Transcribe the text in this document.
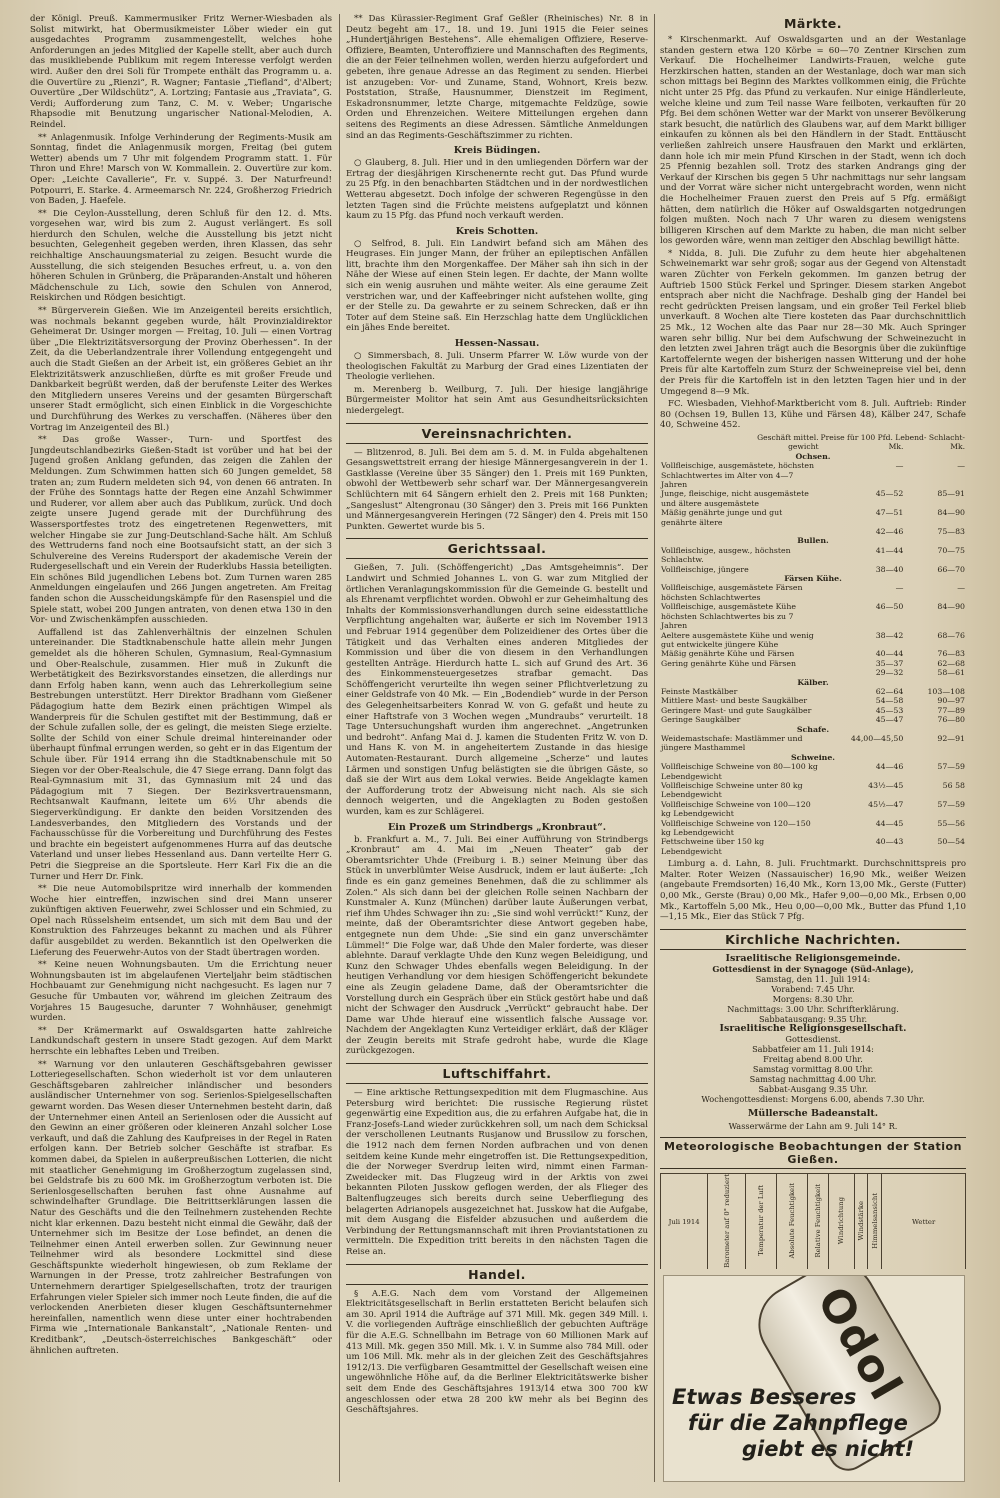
der Königl. Preuß. Kammermusiker Fritz Werner-Wiesbaden als Solist mitwirkt, hat Obermusikmeister Löber wieder ein gut ausgedachtes Programm zusammengestellt, welches hohe Anforderungen an jedes Mitglied der Kapelle stellt, aber auch durch das musikliebende Publikum mit regem Interesse verfolgt werden wird. Außer den drei Soli für Trompete enthält das Programm u. a. die Ouvertüre zu „Rienzi“, R. Wagner; Fantasie „Tiefland“, d'Albert; Ouvertüre „Der Wildschütz“, A. Lortzing; Fantasie aus „Traviata“, G. Verdi; Aufforderung zum Tanz, C. M. v. Weber; Ungarische Rhapsodie mit Benutzung ungarischer National-Melodien, A. Reindel.

** Anlagenmusik. Infolge Verhinderung der Regiments-Musik am Sonntag, findet die Anlagenmusik morgen, Freitag (bei gutem Wetter) abends um 7 Uhr mit folgendem Programm statt. 1. Für Thron und Ehre! Marsch von W. Kommallein. 2. Ouvertüre zur kom. Oper: „Leichte Cavallerie“, Fr. v. Suppé. 3. Der Naturfreund! Potpourri, E. Starke. 4. Armeemarsch Nr. 224, Großherzog Friedrich von Baden, J. Haefele.

** Die Ceylon-Ausstellung, deren Schluß für den 12. d. Mts. vorgesehen war, wird bis zum 2. August verlängert. Es soll hierdurch den Schulen, welche die Ausstellung bis jetzt nicht besuchten, Gelegenheit gegeben werden, ihren Klassen, das sehr reichhaltige Anschauungsmaterial zu zeigen. Besucht wurde die Ausstellung, die sich steigenden Besuches erfreut, u. a. von den höheren Schulen in Grünberg, die Präparanden-Anstalt und höheren Mädchenschule zu Lich, sowie den Schulen von Annerod, Reiskirchen und Rödgen besichtigt.

** Bürgerverein Gießen. Wie im Anzeigenteil bereits ersichtlich, was nochmals bekannt gegeben wurde, hält Provinzialdirektor Geheimerat Dr. Usinger morgen — Freitag, 10. Juli — einen Vortrag über „Die Elektrizitätsversorgung der Provinz Oberhessen“. In der Zeit, da die Ueberlandzentrale ihrer Vollendung entgegengeht und auch die Stadt Gießen an der Arbeit ist, ein größeres Gebiet an ihr Elektrizitätswerk anzuschließen, dürfte es mit großer Freude und Dankbarkeit begrüßt werden, daß der berufenste Leiter des Werkes den Mitgliedern unseres Vereins und der gesamten Bürgerschaft unserer Stadt ermöglicht, sich einen Einblick in die Vorgeschichte und Durchführung des Werkes zu verschaffen. (Näheres über den Vortrag im Anzeigenteil des Bl.)

** Das große Wasser-, Turn- und Sportfest des Jungdeutschlandbezirks Gießen-Stadt ist vorüber und hat bei der Jugend großen Anklang gefunden, das zeigen die Zahlen der Meldungen. Zum Schwimmen hatten sich 60 Jungen gemeldet, 58 traten an; zum Rudern meldeten sich 94, von denen 66 antraten. In der Frühe des Sonntags hatte der Regen eine Anzahl Schwimmer und Ruderer, vor allem aber auch das Publikum, zurück. Und doch zeigte unsere Jugend gerade mit der Durchführung des Wassersportfestes trotz des eingetretenen Regenwetters, mit welcher Hingabe sie zur Jung-Deutschland-Sache hält. Am Schluß des Wettruderns fand noch eine Bootsaufsicht statt, an der sich 3 Schulvereine des Vereins Rudersport der akademische Verein der Rudergesellschaft und ein Verein der Ruderklubs Hassia beteiligten. Ein schönes Bild jugendlichen Lebens bot. Zum Turnen waren 285 Anmeldungen eingelaufen und 266 Jungen angetreten. Am Freitag fanden schon die Ausscheidungskämpfe für den Rasenspiel und die Spiele statt, wobei 200 Jungen antraten, von denen etwa 130 in den Vor- und Zwischenkämpfen ausschieden.

Auffallend ist das Zahlenverhältnis der einzelnen Schulen untereinander. Die Stadtknabenschule hatte allein mehr Jungen gemeldet als die höheren Schulen, Gymnasium, Real-Gymnasium und Ober-Realschule, zusammen. Hier muß in Zukunft die Werbetätigkeit des Bezirksvorstandes einsetzen, die allerdings nur dann Erfolg haben kann, wenn auch das Lehrerkollegium seine Bestrebungen unterstützt. Herr Direktor Bradhann vom Gießener Pädagogium hatte dem Bezirk einen prächtigen Wimpel als Wanderpreis für die Schulen gestiftet mit der Bestimmung, daß er der Schule zufallen solle, der es gelingt, die meisten Siege erzielte. Sollte der Schild von einer Schule dreimal hintereinander oder überhaupt fünfmal errungen werden, so geht er in das Eigentum der Schule über. Für 1914 errang ihn die Stadtknabenschule mit 50 Siegen vor der Ober-Realschule, die 47 Siege errang. Dann folgt das Real-Gymnasium mit 31, das Gymnasium mit 24 und das Pädagogium mit 7 Siegen. Der Bezirksvertrauensmann, Rechtsanwalt Kaufmann, leitete um 6½ Uhr abends die Siegerverkündigung. Er dankte den beiden Vorsitzenden des Landesverbandes, den Mitgliedern des Vorstands und der Fachausschüsse für die Vorbereitung und Durchführung des Festes und brachte ein begeistert aufgenommenes Hurra auf das deutsche Vaterland und unser liebes Hessenland aus. Dann verteilte Herr G. Petri die Siegpreise an die Sportsleute. Herr Karl Fix die an die Turner und Herr Dr. Fink.

** Die neue Automobilspritze wird innerhalb der kommenden Woche hier eintreffen, inzwischen sind drei Mann unserer zukünftigen aktiven Feuerwehr, zwei Schlosser und ein Schmied, zu Opel nach Rüsselsheim entsendet, um sich mit dem Bau und der Konstruktion des Fahrzeuges bekannt zu machen und als Führer dafür ausgebildet zu werden. Bekanntlich ist den Opelwerken die Lieferung des Feuerwehr-Autos von der Stadt übertragen worden.

** Keine neuen Wohnungsbauten. Um die Errichtung neuer Wohnungsbauten ist im abgelaufenen Vierteljahr beim städtischen Hochbauamt zur Genehmigung nicht nachgesucht. Es lagen nur 7 Gesuche für Umbauten vor, während im gleichen Zeitraum des Vorjahres 15 Baugesuche, darunter 7 Wohnhäuser, genehmigt wurden.

** Der Krämermarkt auf Oswaldsgarten hatte zahlreiche Landkundschaft gestern in unsere Stadt gezogen. Auf dem Markt herrschte ein lebhaftes Leben und Treiben.

** Warnung vor den unlauteren Geschäftsgebahren gewisser Lotteriegesellschaften. Schon wiederholt ist vor dem unlauteren Geschäftsgebaren zahlreicher inländischer und besonders ausländischer Unternehmer von sog. Serienlos-Spielgesellschaften gewarnt worden. Das Wesen dieser Unternehmen besteht darin, daß der Unternehmer einen Anteil an Serienlosen oder die Aussicht auf den Gewinn an einer größeren oder kleineren Anzahl solcher Lose verkauft, und daß die Zahlung des Kaufpreises in der Regel in Raten erfolgen kann. Der Betrieb solcher Geschäfte ist strafbar. Es kommen dabei, da Spielen in außerpreußischen Lotterien, die nicht mit staatlicher Genehmigung im Großherzogtum zugelassen sind, bei Geldstrafe bis zu 600 Mk. im Großherzogtum verboten ist. Die Serienlosgesellschaften beruhen fast ohne Ausnahme auf schwindelhafter Grundlage. Die Beitrittserklärungen lassen die Natur des Geschäfts und die den Teilnehmern zustehenden Rechte nicht klar erkennen. Dazu besteht nicht einmal die Gewähr, daß der Unternehmer sich im Besitze der Lose befindet, an denen die Teilnehmer einen Anteil erwerben sollen. Zur Gewinnung neuer Teilnehmer wird als besondere Lockmittel sind diese Geschäftspunkte wiederholt hingewiesen, ob zum Reklame der Warnungen in der Presse, trotz zahlreicher Bestrafungen von Unternehmern derartiger Spielgesellschaften, trotz der traurigen Erfahrungen vieler Spieler sich immer noch Leute finden, die auf die verlockenden Anerbieten dieser klugen Geschäftsunternehmer hereinfallen, namentlich wenn diese unter einer hochtrabenden Firma wie „Internationale Bankanstalt“, „Nationale Renten- und Kreditbank“, „Deutsch-österreichisches Bankgeschäft“ oder ähnlichen auftreten.

** Das Kürassier-Regiment Graf Geßler (Rheinisches) Nr. 8 in Deutz begeht am 17., 18. und 19. Juni 1915 die Feier seines „Hundertjährigen Bestehens“. Alle ehemaligen Offiziere, Reserve-Offiziere, Beamten, Unteroffiziere und Mannschaften des Regiments, die an der Feier teilnehmen wollen, werden hierzu aufgefordert und gebeten, ihre genaue Adresse an das Regiment zu senden. Hierbei ist anzugeben: Vor- und Zuname, Stand, Wohnort, Kreis bezw. Poststation, Straße, Hausnummer, Dienstzeit im Regiment, Eskadronsnummer, letzte Charge, mitgemachte Feldzüge, sowie Orden und Ehrenzeichen. Weitere Mitteilungen ergehen dann seitens des Regiments an diese Adressen. Sämtliche Anmeldungen sind an das Regiments-Geschäftszimmer zu richten.

Kreis Büdingen.

○ Glauberg, 8. Juli. Hier und in den umliegenden Dörfern war der Ertrag der diesjährigen Kirschenernte recht gut. Das Pfund wurde zu 25 Pfg. in den benachbarten Städtchen und in der nordwestlichen Wetterau abgesetzt. Doch infolge der schweren Regengüsse in den letzten Tagen sind die Früchte meistens aufgeplatzt und können kaum zu 15 Pfg. das Pfund noch verkauft werden.

Kreis Schotten.

○ Selfrod, 8. Juli. Ein Landwirt befand sich am Mähen des Heugrases. Ein junger Mann, der früher an epileptischen Anfällen litt, brachte ihm den Morgenkaffee. Der Mäher sah ihn sich in der Nähe der Wiese auf einen Stein legen. Er dachte, der Mann wollte sich ein wenig ausruhen und mähte weiter. Als eine geraume Zeit verstrichen war, und der Kaffeebringer nicht aufstehen wollte, ging er der Stelle zu. Da gewahrte er zu seinem Schrecken, daß er ihn Toter auf dem Steine saß. Ein Herzschlag hatte dem Unglücklichen ein jähes Ende bereitet.

Hessen-Nassau.

○ Simmersbach, 8. Juli. Unserm Pfarrer W. Löw wurde von der theologischen Fakultät zu Marburg der Grad eines Lizentiaten der Theologie verliehen.

m. Merenberg b. Weilburg, 7. Juli. Der hiesige langjährige Bürgermeister Molitor hat sein Amt aus Gesundheitsrücksichten niedergelegt.

Vereinsnachrichten.

— Blitzenrod, 8. Juli. Bei dem am 5. d. M. in Fulda abgehaltenen Gesangswettstreit errang der hiesige Männergesangverein in der 1. Gastklasse (Vereine über 35 Sänger) den 1. Preis mit 169 Punkten, obwohl der Wettbewerb sehr scharf war. Der Männergesangverein Schlüchtern mit 64 Sängern erhielt den 2. Preis mit 168 Punkten; „Sangeslust“ Altengronau (30 Sänger) den 3. Preis mit 166 Punkten und Männergesangverein Heringen (72 Sänger) den 4. Preis mit 150 Punkten. Gewertet wurde bis 5.

Gerichtssaal.

Gießen, 7. Juli. (Schöffengericht) „Das Amtsgeheimnis“. Der Landwirt und Schmied Johannes L. von G. war zum Mitglied der örtlichen Veranlagungskommission für die Gemeinde G. bestellt und als Ehrenamt verpflichtet worden. Obwohl er zur Geheimhaltung des Inhalts der Kommissionsverhandlungen durch seine eidesstattliche Verpflichtung angehalten war, äußerte er sich im November 1913 und Februar 1914 gegenüber dem Polizeidiener des Ortes über die Tätigkeit und das Verhalten eines anderen Mitgliedes der Kommission und über die von diesem in den Verhandlungen gestellten Anträge. Hierdurch hatte L. sich auf Grund des Art. 36 des Einkommensteuergesetzes strafbar gemacht. Das Schöffengericht verurteilte ihn wegen seiner Pflichtverletzung zu einer Geldstrafe von 40 Mk. — Ein „Bodendieb“ wurde in der Person des Gelegenheitsarbeiters Konrad W. von G. gefaßt und heute zu einer Haftstrafe von 3 Wochen wegen „Mundraubs“ verurteilt. 18 Tage Untersuchungshaft wurden ihm angerechnet. „Angetrunken und bedroht“. Anfang Mai d. J. kamen die Studenten Fritz W. von D. und Hans K. von M. in angeheitertem Zustande in das hiesige Automaten-Restaurant. Durch allgemeine „Scherze“ und lautes Lärmen und sonstigen Unfug belästigten sie die übrigen Gäste, so daß sie der Wirt aus dem Lokal verwies. Beide Angeklagte kamen der Aufforderung trotz der Abweisung nicht nach. Als sie sich dennoch weigerten, und die Angeklagten zu Boden gestoßen wurden, kam es zur Schlägerei.

Ein Prozeß um Strindbergs „Kronbraut“.

b. Frankfurt a. M., 7. Juli. Bei einer Aufführung von Strindbergs „Kronbraut“ am 4. Mai im „Neuen Theater“ gab der Oberamtsrichter Uhde (Freiburg i. B.) seiner Meinung über das Stück in unverblümter Weise Ausdruck, indem er laut äußerte: „Ich finde es ein ganz gemeines Benehmen, daß die zu schlimmer als Zolen.“ Als sich dann bei der gleichen Rolle seinen Nachbarn der Kunstmaler A. Kunz (München) darüber laute Äußerungen verbat, rief ihm Uhdes Schwager ihn zu: „Sie sind wohl verrückt!“ Kunz, der meinte, daß der Oberamtsrichter diese Antwort gegeben habe, entgegnete nun dem Uhde: „Sie sind ein ganz unverschämter Lümmel!“ Die Folge war, daß Uhde den Maler forderte, was dieser ablehnte. Darauf verklagte Uhde den Kunz wegen Beleidigung, und Kunz den Schwager Uhdes ebenfalls wegen Beleidigung. In der heutigen Verhandlung vor dem hiesigen Schöffengericht bekundete eine als Zeugin geladene Dame, daß der Oberamtsrichter die Vorstellung durch ein Gespräch über ein Stück gestört habe und daß nicht der Schwager den Ausdruck „Verrückt“ gebraucht habe. Der Dame war Uhde hierauf eine wissentlich falsche Aussage vor. Nachdem der Angeklagten Kunz Verteidiger erklärt, daß der Kläger der Zeugin bereits mit Strafe gedroht habe, wurde die Klage zurückgezogen.

Luftschiffahrt.

— Eine arktische Rettungsexpedition mit dem Flugmaschine. Aus Petersburg wird berichtet: Die russische Regierung rüstet gegenwärtig eine Expedition aus, die zu erfahren Aufgabe hat, die in Franz-Josefs-Land wieder zurückkehren soll, um nach dem Schicksal der verschollenen Leutnants Rusjanow und Brussilow zu forschen, die 1912 nach dem fernen Norden aufbrachen und von denen seitdem keine Kunde mehr eingetroffen ist. Die Rettungsexpedition, die der Norweger Sverdrup leiten wird, nimmt einen Farman-Zweidecker mit. Das Flugzeug wird in der Arktis von zwei bekannten Piloten Jusskow geflogen werden, der als Flieger des Baltenflugzeuges sich bereits durch seine Ueberfliegung des belagerten Adrianopels ausgezeichnet hat. Jusskow hat die Aufgabe, mit dem Ausgang die Eisfelder abzusuchen und außerdem die Verbindung der Rettungsmannschaft mit ihren Proviantstationen zu vermitteln. Die Expedition tritt bereits in den nächsten Tagen die Reise an.

Handel.

§ A.E.G. Nach dem vom Vorstand der Allgemeinen Elektricitätsgesellschaft in Berlin erstatteten Bericht belaufen sich am 30. April 1914 die Aufträge auf 371 Mill. Mk. gegen 349 Mill. i. V. die vorliegenden Aufträge einschließlich der gebuchten Aufträge für die A.E.G. Schnellbahn im Betrage von 60 Millionen Mark auf 413 Mill. Mk. gegen 350 Mill. Mk. i. V. in Summe also 784 Mill. oder um 106 Mill. Mk. mehr als in der gleichen Zeit des Geschäftsjahres 1912/13. Die verfügbaren Gesamtmittel der Gesellschaft weisen eine ungewöhnliche Höhe auf, da die Berliner Elektricitätswerke bisher seit dem Ende des Geschäftsjahres 1913/14 etwa 300 700 kW angeschlossen oder etwa 28 200 kW mehr als bei Beginn des Geschäftsjahres.

Märkte.

* Kirschenmarkt. Auf Oswaldsgarten und an der Westanlage standen gestern etwa 120 Körbe = 60—70 Zentner Kirschen zum Verkauf. Die Hochelheimer Landwirts-Frauen, welche gute Herzkirschen hatten, standen an der Westanlage, doch war man sich schon mittags bei Beginn des Marktes vollkommen einig, die Früchte nicht unter 25 Pfg. das Pfund zu verkaufen. Nur einige Händlerleute, welche kleine und zum Teil nasse Ware feilboten, verkauften für 20 Pfg. Bei dem schönen Wetter war der Markt von unserer Bevölkerung stark besucht, die natürlich des Glaubens war, auf dem Markt billiger einkaufen zu können als bei den Händlern in der Stadt. Enttäuscht verließen zahlreich unsere Hausfrauen den Markt und erklärten, dann hole ich mir mein Pfund Kirschen in der Stadt, wenn ich doch 25 Pfennig bezahlen soll. Trotz des starken Andrangs ging der Verkauf der Kirschen bis gegen 5 Uhr nachmittags nur sehr langsam und der Vorrat wäre sicher nicht untergebracht worden, wenn nicht die Hochelheimer Frauen zuerst den Preis auf 5 Pfg. ermäßigt hätten, dem natürlich die Höker auf Oswaldsgarten notgedrungen folgen mußten. Noch nach 7 Uhr waren zu diesem wenigstens billigeren Kirschen auf dem Markte zu haben, die man nicht selber los geworden wäre, wenn man zeitiger den Abschlag bewilligt hätte.

* Nidda, 8. Juli. Die Zufuhr zu dem heute hier abgehaltenen Schweinemarkt war sehr groß; sogar aus der Gegend von Altenstadt waren Züchter von Ferkeln gekommen. Im ganzen betrug der Auftrieb 1500 Stück Ferkel und Springer. Diesem starken Angebot entsprach aber nicht die Nachfrage. Deshalb ging der Handel bei recht gedrückten Preisen langsam, und ein großer Teil Ferkel blieb unverkauft. 8 Wochen alte Tiere kosteten das Paar durchschnittlich 25 Mk., 12 Wochen alte das Paar nur 28—30 Mk. Auch Springer waren sehr billig. Nur bei dem Aufschwung der Schweinezucht in den letzten zwei Jahren trägt auch die Besorgnis über die zukünftige Kartoffelernte wegen der bisherigen nassen Witterung und der hohe Preis für alte Kartoffeln zum Sturz der Schweinepreise viel bei, denn der Preis für die Kartoffeln ist in den letzten Tagen hier und in der Umgegend 8—9 Mk.

FC. Wiesbaden, Viehhof-Marktbericht vom 8. Juli. Auftrieb: Rinder 80 (Ochsen 19, Bullen 13, Kühe und Färsen 48), Kälber 247, Schafe 40, Schweine 452.

Geschäft mittel.	Preise für 100 Pfd. Lebend- Schlacht-	
gewicht	Mk.	Mk.
Ochsen.		
Vollfleischige, ausgemästete, höchsten Schlachtwertes im Alter von 4—7 Jahren	—	—
Junge, fleischige, nicht ausgemästete und ältere ausgemästete	45—52	85—91
Mäßig genährte junge und gut genährte ältere	47—51	84—90
	42—46	75—83
Bullen.		
Vollfleischige, ausgew., höchsten Schlachtw.	41—44	70—75
Vollfleischige, jüngere	38—40	66—70
Färsen Kühe.		
Vollfleischige, ausgemästete Färsen höchsten Schlachtwertes	—	—
Vollfleischige, ausgemästete Kühe höchsten Schlachtwertes bis zu 7 Jahren	46—50	84—90
Aeltere ausgemästete Kühe und wenig gut entwickelte jüngere Kühe	38—42	68—76
Mäßig genährte Kühe und Färsen	40—44	76—83
Gering genährte Kühe und Färsen	35—37	62—68
	29—32	58—61
Kälber.		
Feinste Mastkälber	62—64	103—108
Mittlere Mast- und beste Saugkälber	54—58	90—97
Geringere Mast- und gute Saugkälber	45—53	77—89
Geringe Saugkälber	45—47	76—80
Schafe.		
Weidemastschafe: Mastlämmer und jüngere Masthammel	44,00—45,50	92—91
Schweine.		
Vollfleischige Schweine von 80—100 kg Lebendgewicht	44—46	57—59
Vollfleischige Schweine unter 80 kg Lebendgewicht	43½—45	56 58
Vollfleischige Schweine von 100—120 kg Lebendgewicht	45½—47	57—59
Vollfleischige Schweine von 120—150 kg Lebendgewicht	44—45	55—56
Fettschweine über 150 kg Lebendgewicht	40—43	50—54

Limburg a. d. Lahn, 8. Juli. Fruchtmarkt. Durchschnittspreis pro Malter. Roter Weizen (Nassauischer) 16,90 Mk., weißer Weizen (angebaute Fremdsorten) 16,40 Mk., Korn 13,00 Mk., Gerste (Futter) 0,00 Mk., Gerste (Brau) 0,00 Mk., Hafer 9,00—0,00 Mk., Erbsen 0,00 Mk., Kartoffeln 5,00 Mk., Heu 0,00—0,00 Mk., Butter das Pfund 1,10—1,15 Mk., Eier das Stück 7 Pfg.

Kirchliche Nachrichten.

Israelitische Religionsgemeinde.

Gottesdienst in der Synagoge (Süd-Anlage),

Samstag, den 11. Juli 1914:

Vorabend: 7.45 Uhr.

Morgens: 8.30 Uhr.

Nachmittags: 3.00 Uhr. Schrifterklärung.

Sabbatausgang: 9.35 Uhr.

Israelitische Religionsgesellschaft.

Gottesdienst.

Sabbatfeier am 11. Juli 1914:

Freitag abend 8.00 Uhr.

Samstag vormittag 8.00 Uhr.

Samstag nachmittag 4.00 Uhr.

Sabbat-Ausgang 9.35 Uhr.

Wochengottesdienst: Morgens 6.00, abends 7.30 Uhr.

Müllersche Badeanstalt.

Wasserwärme der Lahn am 9. Juli 14° R.

Meteorologische Beobachtungen der Station Gießen.
Juli 1914		Barometer auf 0° reduziert	Temperatur der Luft	Absolute Feuchtigkeit	Relative Feuchtigkeit	Windrichtung	Windstärke	Himmelsansicht	Wetter

Odol
Etwas Besseres
für die Zahnpflege
giebt es nicht!
